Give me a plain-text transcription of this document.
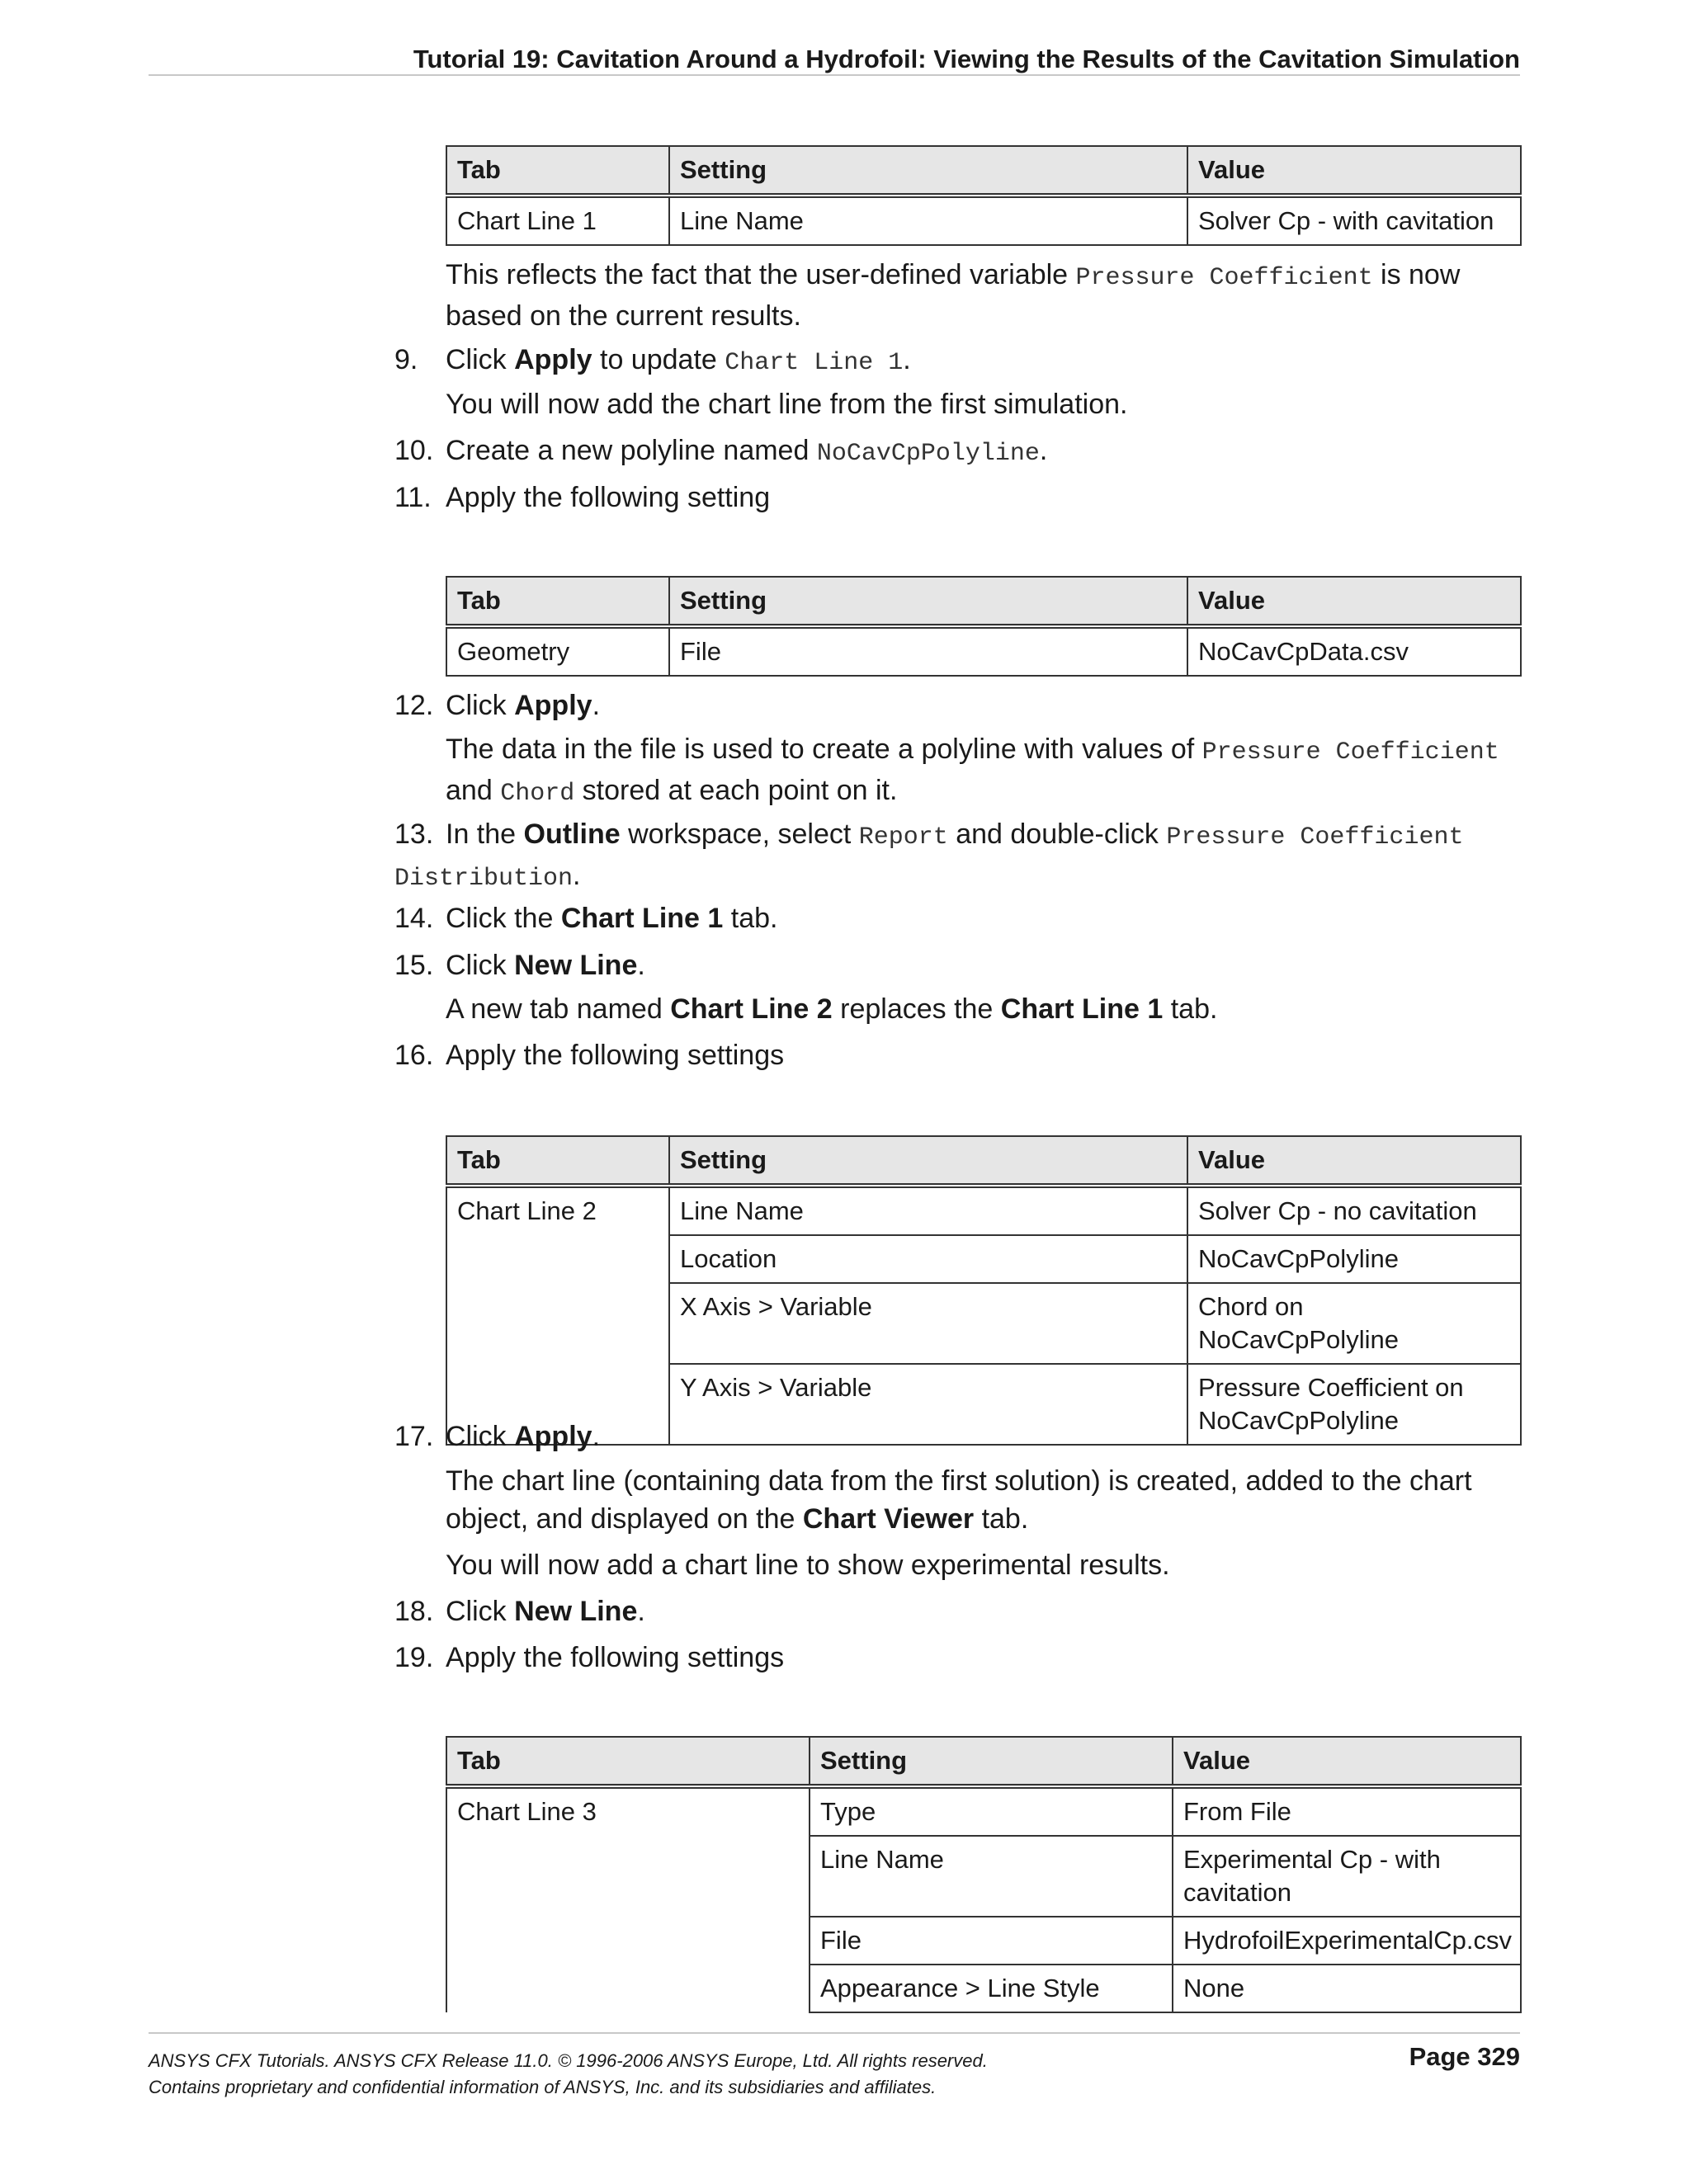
Tutorial 19: Cavitation Around a Hydrofoil: Viewing the Results of the Cavitation Simulation
Tab	Setting	Value
Chart Line 1	Line Name	Solver Cp - with cavitation
This reflects the fact that the user-defined variable Pressure Coefficient is now based on the current results.
9. Click Apply to update Chart Line 1.
You will now add the chart line from the first simulation.
10. Create a new polyline named NoCavCpPolyline.
11. Apply the following setting
Tab	Setting	Value
Geometry	File	NoCavCpData.csv
12. Click Apply.
The data in the file is used to create a polyline with values of Pressure Coefficient and Chord stored at each point on it.
13. In the Outline workspace, select Report and double-click Pressure Coefficient Distribution.
14. Click the Chart Line 1 tab.
15. Click New Line.
A new tab named Chart Line 2 replaces the Chart Line 1 tab.
16. Apply the following settings
Tab	Setting	Value
Chart Line 2	Line Name	Solver Cp - no cavitation
	Location	NoCavCpPolyline
	X Axis > Variable	Chord on NoCavCpPolyline
	Y Axis > Variable	Pressure Coefficient on NoCavCpPolyline
17. Click Apply.
The chart line (containing data from the first solution) is created, added to the chart object, and displayed on the Chart Viewer tab.
You will now add a chart line to show experimental results.
18. Click New Line.
19. Apply the following settings
Tab	Setting	Value
Chart Line 3	Type	From File
	Line Name	Experimental Cp - with cavitation
	File	HydrofoilExperimentalCp.csv
	Appearance > Line Style	None
ANSYS CFX Tutorials. ANSYS CFX Release 11.0. © 1996-2006 ANSYS Europe, Ltd. All rights reserved.
Contains proprietary and confidential information of ANSYS, Inc. and its subsidiaries and affiliates.
Page 329
